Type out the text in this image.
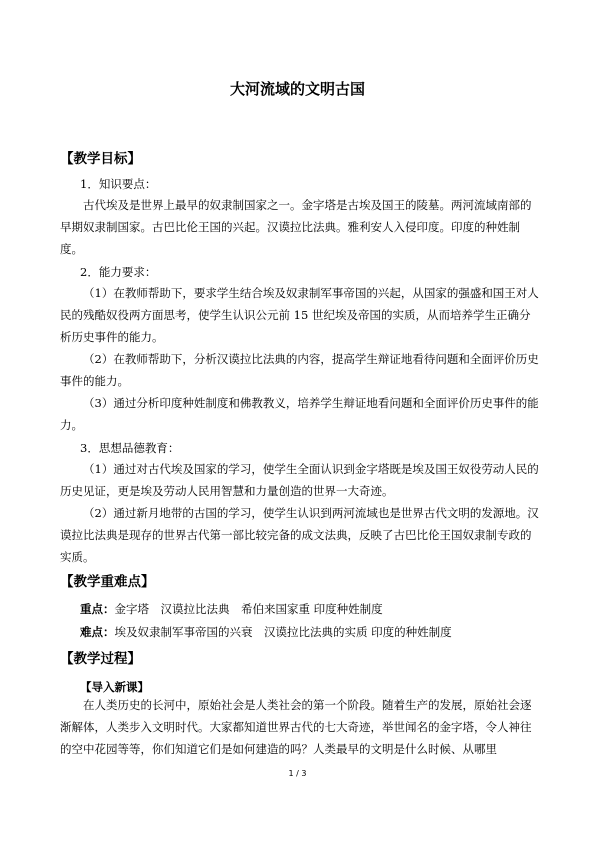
大河流域的文明古国
【教学目标】
1．知识要点：
古代埃及是世界上最早的奴隶制国家之一。金字塔是古埃及国王的陵墓。两河流域南部的早期奴隶制国家。古巴比伦王国的兴起。汉谟拉比法典。雅利安人入侵印度。印度的种姓制度。
2．能力要求：
（1）在教师帮助下，要求学生结合埃及奴隶制军事帝国的兴起，从国家的强盛和国王对人民的残酷奴役两方面思考，使学生认识公元前 15 世纪埃及帝国的实质，从而培养学生正确分析历史事件的能力。
（2）在教师帮助下，分析汉谟拉比法典的内容，提高学生辩证地看待问题和全面评价历史事件的能力。
（3）通过分析印度种姓制度和佛教教义，培养学生辩证地看问题和全面评价历史事件的能力。
3．思想品德教育：
（1）通过对古代埃及国家的学习，使学生全面认识到金字塔既是埃及国王奴役劳动人民的历史见证，更是埃及劳动人民用智慧和力量创造的世界一大奇迹。
（2）通过新月地带的古国的学习，使学生认识到两河流域也是世界古代文明的发源地。汉谟拉比法典是现存的世界古代第一部比较完备的成文法典，反映了古巴比伦王国奴隶制专政的实质。
【教学重难点】
重点：金字塔　汉谟拉比法典　希伯来国家重 印度种姓制度
难点：埃及奴隶制军事帝国的兴衰　汉谟拉比法典的实质 印度的种姓制度
【教学过程】
【导入新课】
在人类历史的长河中，原始社会是人类社会的第一个阶段。随着生产的发展，原始社会逐渐解体，人类步入文明时代。大家都知道世界古代的七大奇迹，举世闻名的金字塔，令人神往的空中花园等等，你们知道它们是如何建造的吗？人类最早的文明是什么时候、从哪里
1 / 3
